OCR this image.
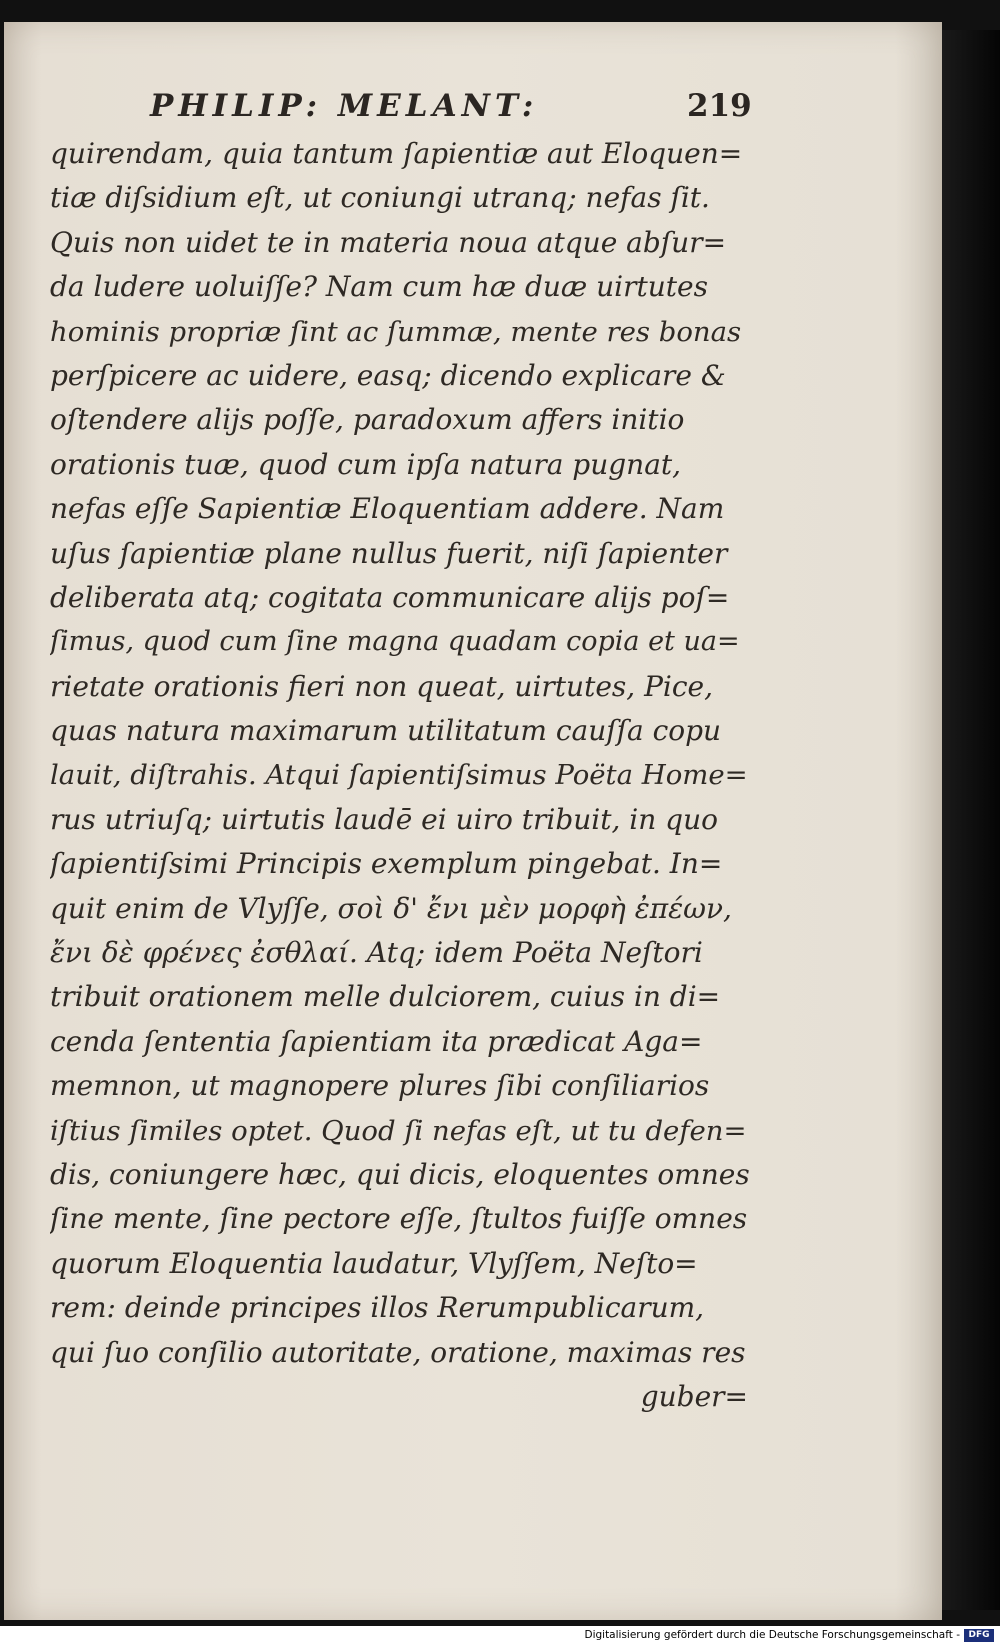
PHILIP: MELANT:	219
quirendam, quia tantum ſapientiæ aut Eloquen=
tiæ diſsidium eſt, ut coniungi utranq; nefas ſit.
Quis non uidet te in materia noua atque abſur=
da ludere uoluiſſe? Nam cum hæ duæ uirtutes
hominis propriæ ſint ac ſummæ, mente res bonas
perſpicere ac uidere, easq; dicendo explicare &
oſtendere alijs poſſe, paradoxum affers initio
orationis tuæ, quod cum ipſa natura pugnat,
nefas eſſe Sapientiæ Eloquentiam addere. Nam
uſus ſapientiæ plane nullus fuerit, niſi ſapienter
deliberata atq; cogitata communicare alijs poſ=
ſimus, quod cum ſine magna quadam copia et ua=
rietate orationis fieri non queat, uirtutes, Pice,
quas natura maximarum utilitatum cauſſa copu
lauit, diſtrahis. Atqui ſapientiſsimus Poëta Home=
rus utriuſq; uirtutis laudē ei uiro tribuit, in quo
ſapientiſsimi Principis exemplum pingebat. In=
quit enim de Vlyſſe, σοὶ δ' ἔνι μὲν μορφὴ ἐπέων,
ἔνι δὲ φρένες ἐσθλαί. Atq; idem Poëta Neſtori
tribuit orationem melle dulciorem, cuius in di=
cenda ſententia ſapientiam ita prædicat Aga=
memnon, ut magnopere plures ſibi conſiliarios
iſtius ſimiles optet. Quod ſi nefas eſt, ut tu defen=
dis, coniungere hæc, qui dicis, eloquentes omnes
ſine mente, ſine pectore eſſe, ſtultos fuiſſe omnes
quorum Eloquentia laudatur, Vlyſſem, Neſto=
rem: deinde principes illos Rerumpublicarum,
qui ſuo conſilio autoritate, oratione, maximas res
guber=
Digitalisierung gefördert durch die Deutsche Forschungsgemeinschaft - DFG
